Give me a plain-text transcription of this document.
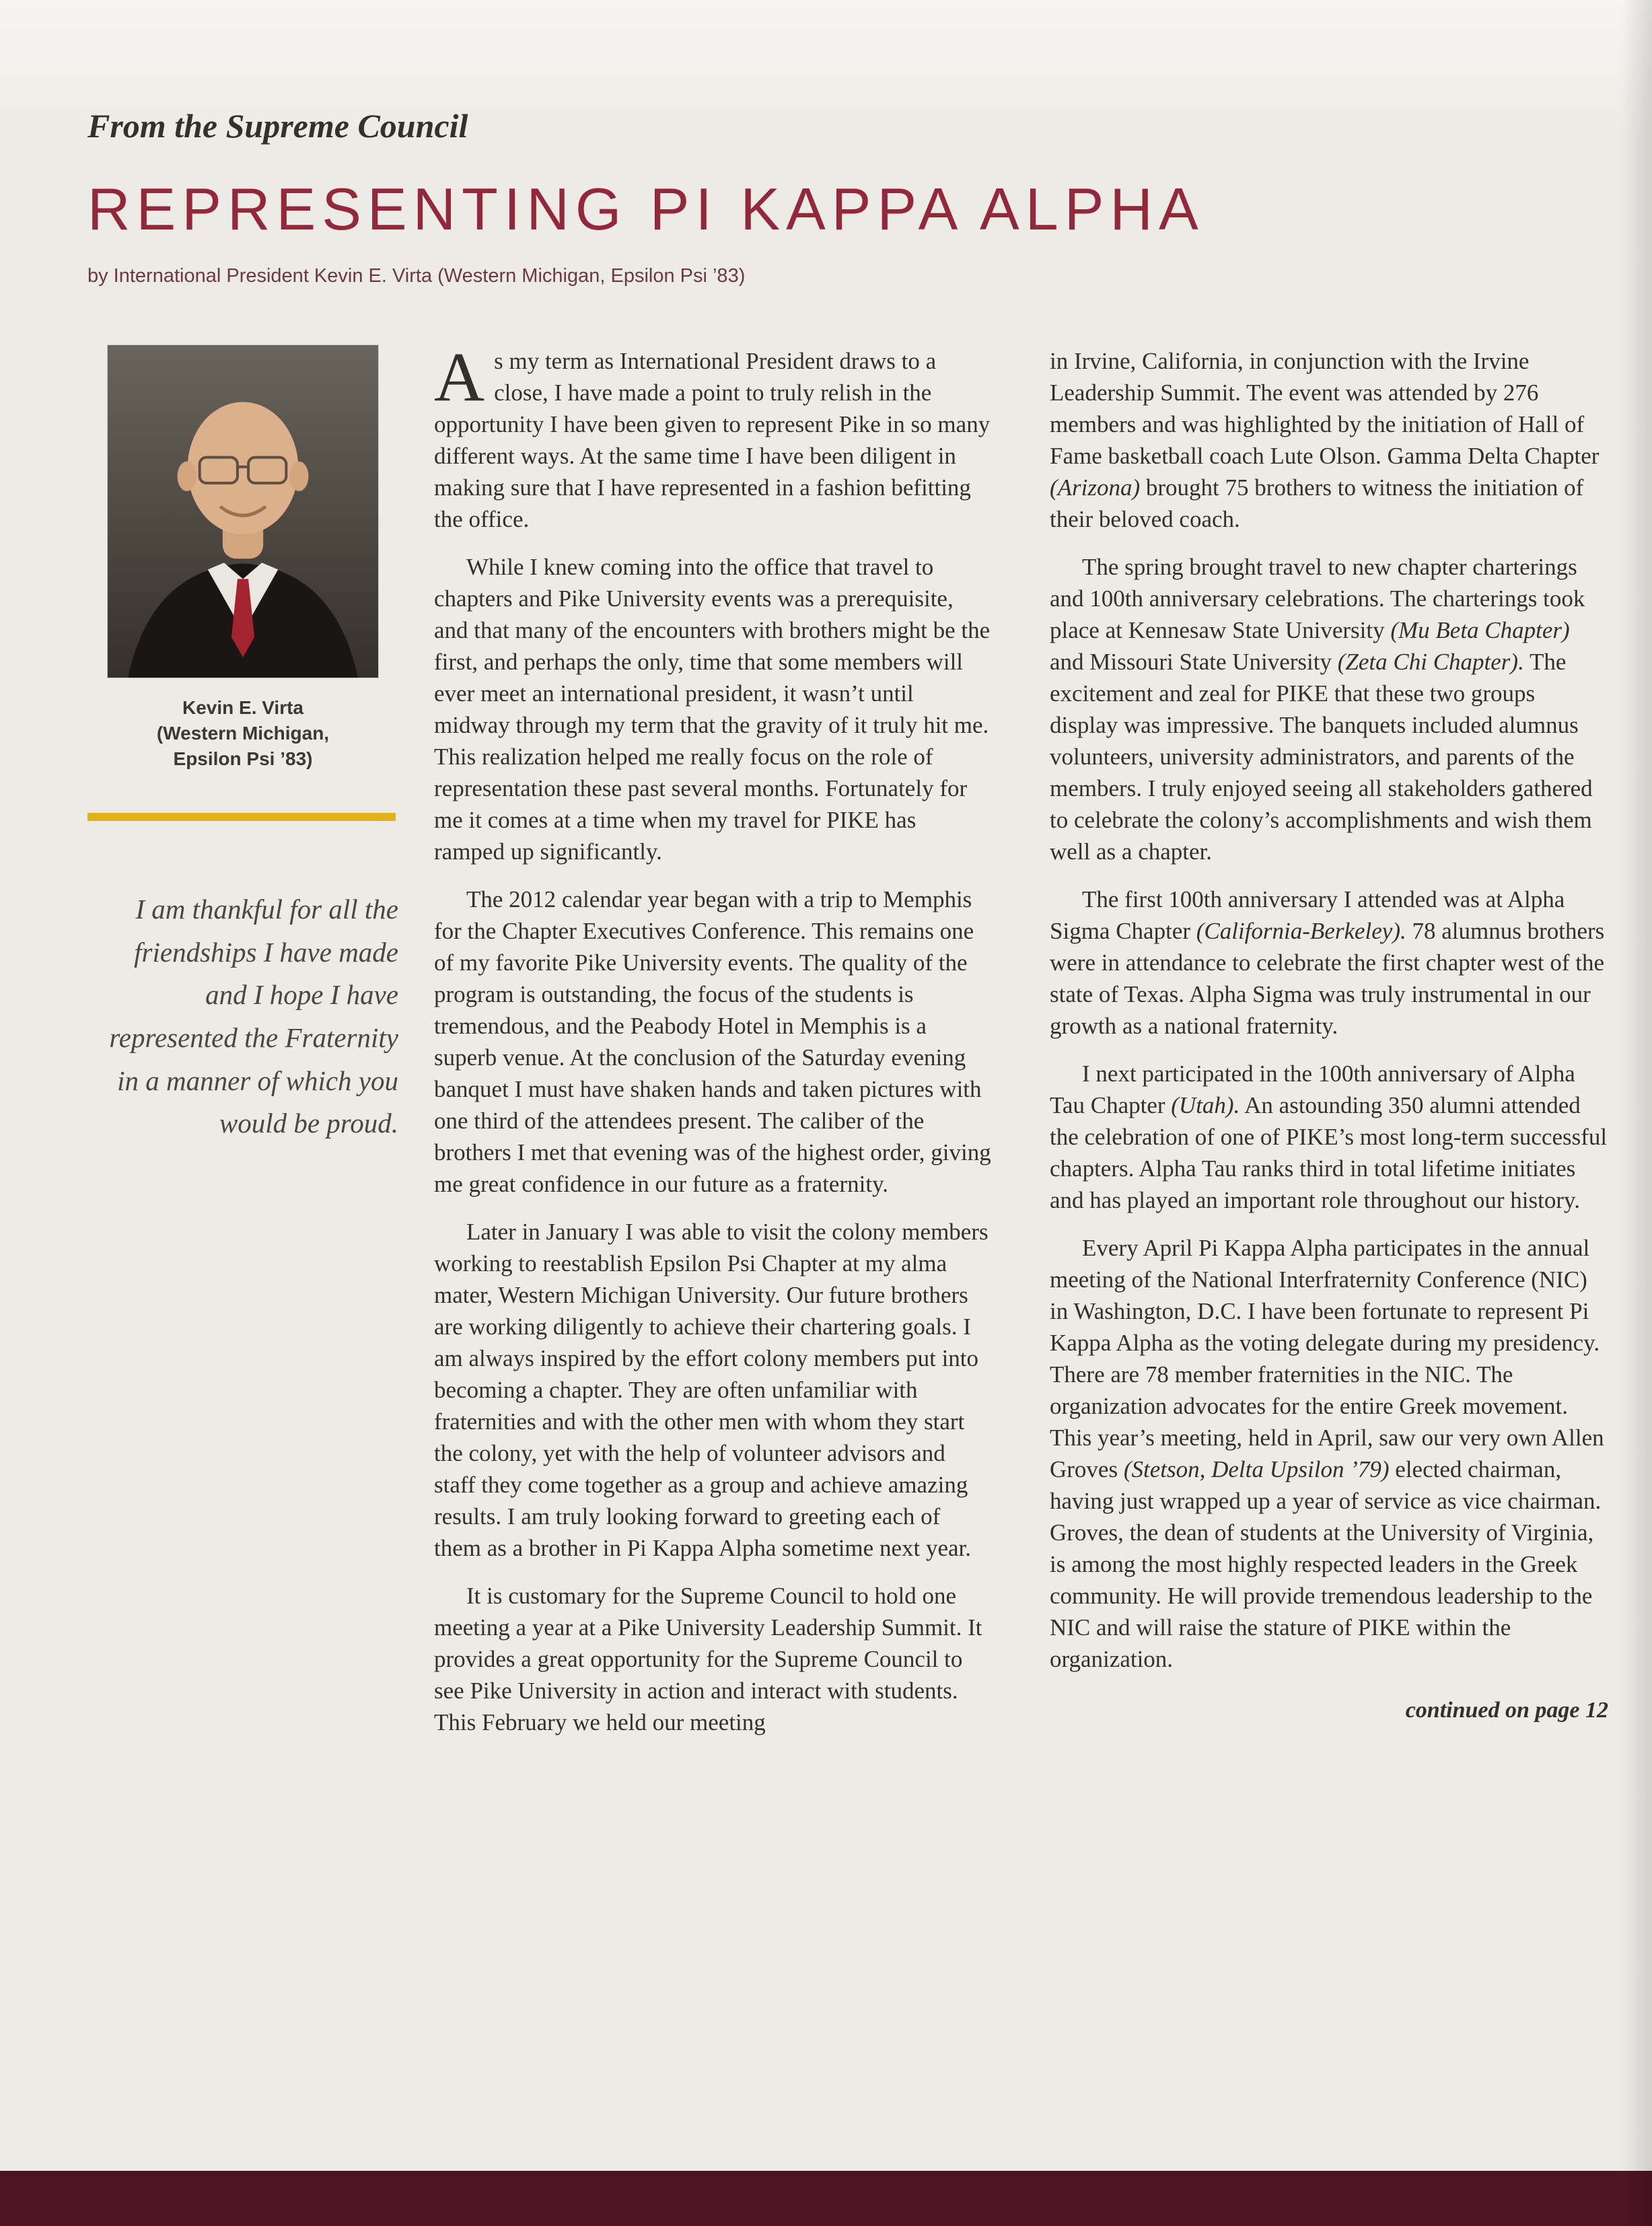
From the Supreme Council
REPRESENTING PI KAPPA ALPHA
by International President Kevin E. Virta (Western Michigan, Epsilon Psi ’83)
Kevin E. Virta
(Western Michigan,
Epsilon Psi ’83)
I am thankful for all the friendships I have made and I hope I have represented the Fraternity in a manner of which you would be proud.

As my term as International President draws to a close, I have made a point to truly relish in the opportunity I have been given to represent Pike in so many different ways. At the same time I have been diligent in making sure that I have represented in a fashion befitting the office.

While I knew coming into the office that travel to chapters and Pike University events was a prerequisite, and that many of the encounters with brothers might be the first, and perhaps the only, time that some members will ever meet an international president, it wasn’t until midway through my term that the gravity of it truly hit me. This realization helped me really focus on the role of representation these past several months. Fortunately for me it comes at a time when my travel for PIKE has ramped up significantly.

The 2012 calendar year began with a trip to Memphis for the Chapter Executives Conference. This remains one of my favorite Pike University events. The quality of the program is outstanding, the focus of the students is tremendous, and the Peabody Hotel in Memphis is a superb venue. At the conclusion of the Saturday evening banquet I must have shaken hands and taken pictures with one third of the attendees present. The caliber of the brothers I met that evening was of the highest order, giving me great confidence in our future as a fraternity.

Later in January I was able to visit the colony members working to reestablish Epsilon Psi Chapter at my alma mater, Western Michigan University. Our future brothers are working diligently to achieve their chartering goals. I am always inspired by the effort colony members put into becoming a chapter. They are often unfamiliar with fraternities and with the other men with whom they start the colony, yet with the help of volunteer advisors and staff they come together as a group and achieve amazing results. I am truly looking forward to greeting each of them as a brother in Pi Kappa Alpha sometime next year.

It is customary for the Supreme Council to hold one meeting a year at a Pike University Leadership Summit. It provides a great opportunity for the Supreme Council to see Pike University in action and interact with students. This February we held our meeting

in Irvine, California, in conjunction with the Irvine Leadership Summit. The event was attended by 276 members and was highlighted by the initiation of Hall of Fame basketball coach Lute Olson. Gamma Delta Chapter (Arizona) brought 75 brothers to witness the initiation of their beloved coach.

The spring brought travel to new chapter charterings and 100th anniversary celebrations. The charterings took place at Kennesaw State University (Mu Beta Chapter) and Missouri State University (Zeta Chi Chapter). The excitement and zeal for PIKE that these two groups display was impressive. The banquets included alumnus volunteers, university administrators, and parents of the members. I truly enjoyed seeing all stakeholders gathered to celebrate the colony’s accomplishments and wish them well as a chapter.

The first 100th anniversary I attended was at Alpha Sigma Chapter (California-Berkeley). 78 alumnus brothers were in attendance to celebrate the first chapter west of the state of Texas. Alpha Sigma was truly instrumental in our growth as a national fraternity.

I next participated in the 100th anniversary of Alpha Tau Chapter (Utah). An astounding 350 alumni attended the celebration of one of PIKE’s most long-term successful chapters. Alpha Tau ranks third in total lifetime initiates and has played an important role throughout our history.

Every April Pi Kappa Alpha participates in the annual meeting of the National Interfraternity Conference (NIC) in Washington, D.C. I have been fortunate to represent Pi Kappa Alpha as the voting delegate during my presidency. There are 78 member fraternities in the NIC. The organization advocates for the entire Greek movement. This year’s meeting, held in April, saw our very own Allen Groves (Stetson, Delta Upsilon ’79) elected chairman, having just wrapped up a year of service as vice chairman. Groves, the dean of students at the University of Virginia, is among the most highly respected leaders in the Greek community. He will provide tremendous leadership to the NIC and will raise the stature of PIKE within the organization.

continued on page 12
